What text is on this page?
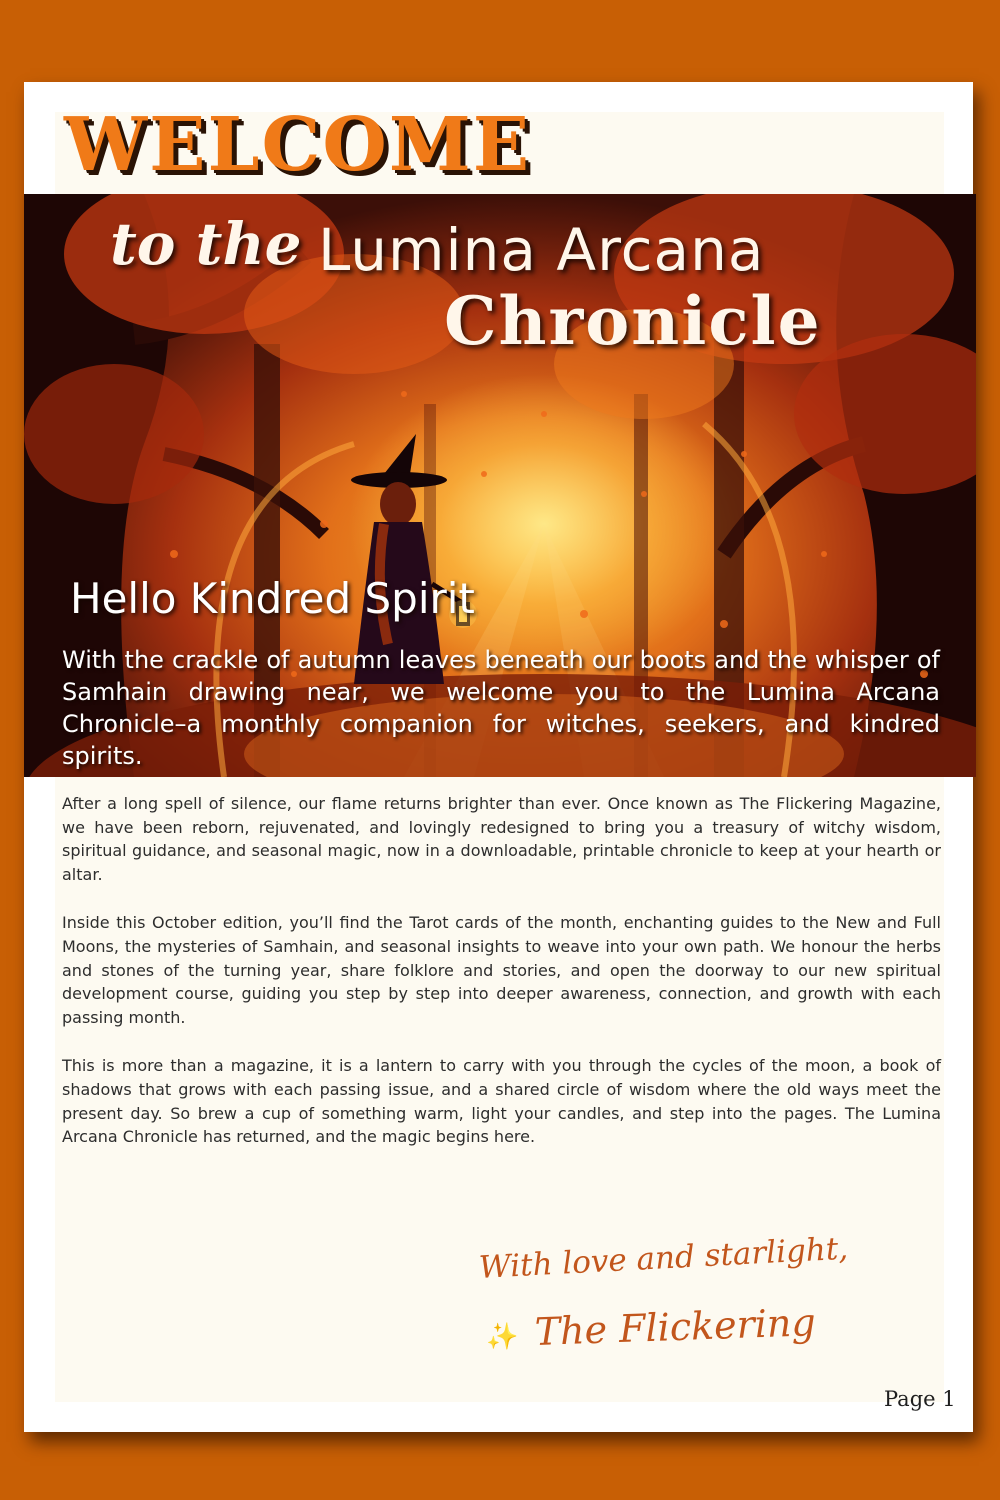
WELCOME
to the Lumina Arcana
Chronicle
Hello Kindred Spirit

With the crackle of autumn leaves beneath our boots and the whisper of Samhain drawing near, we welcome you to the Lumina Arcana Chronicle–a monthly companion for witches, seekers, and kindred spirits.

After a long spell of silence, our flame returns brighter than ever. Once known as The Flickering Magazine, we have been reborn, rejuvenated, and lovingly redesigned to bring you a treasury of witchy wisdom, spiritual guidance, and seasonal magic, now in a downloadable, printable chronicle to keep at your hearth or altar.

Inside this October edition, you’ll find the Tarot cards of the month, enchanting guides to the New and Full Moons, the mysteries of Samhain, and seasonal insights to weave into your own path. We honour the herbs and stones of the turning year, share folklore and stories, and open the doorway to our new spiritual development course, guiding you step by step into deeper awareness, connection, and growth with each passing month.

This is more than a magazine, it is a lantern to carry with you through the cycles of the moon, a book of shadows that grows with each passing issue, and a shared circle of wisdom where the old ways meet the present day. So brew a cup of something warm, light your candles, and step into the pages. The Lumina Arcana Chronicle has returned, and the magic begins here.

With love and starlight,
✨ The Flickering
Page 1
